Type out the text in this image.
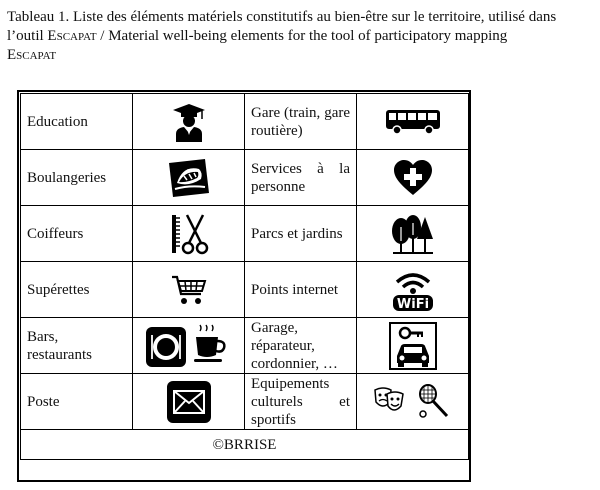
Tableau 1. Liste des éléments matériels constitutifs au bien-être sur le territoire, utilisé dans
l’outil Escapat / Material well-being elements for the tool of participatory mapping
Escapat
Education		Gare (train, gare routière)	
Boulangeries		Services à la personne	
Coiffeurs		Parcs et jardins	
Supérettes		Points internet	WiFi

Bars, restaurants		Garage, réparateur, cordonnier, …	
Poste		Equipements culturels et sportifs	
©BRRISE			
